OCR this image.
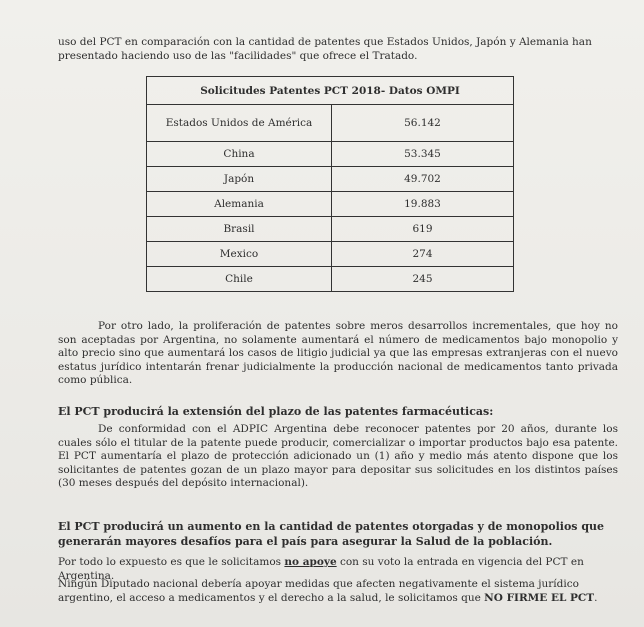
uso del PCT en comparación con la cantidad de patentes que Estados Unidos, Japón y Alemania han
presentado haciendo uso de las "facilidades" que ofrece el Tratado.
Solicitudes Patentes PCT 2018- Datos OMPI	
Estados Unidos de América	56.142
China	53.345
Japón	49.702
Alemania	19.883
Brasil	619
Mexico	274
Chile	245
Por otro lado, la proliferación de patentes sobre meros desarrollos incrementales, que hoy no son aceptadas por Argentina, no solamente aumentará el número de medicamentos bajo monopolio y alto precio sino que aumentará los casos de litigio judicial ya que las empresas extranjeras con el nuevo estatus jurídico intentarán frenar judicialmente la producción nacional de medicamentos tanto privada como pública.
El PCT producirá la extensión del plazo de las patentes farmacéuticas:
De conformidad con el ADPIC Argentina debe reconocer patentes por 20 años, durante los cuales sólo el titular de la patente puede producir, comercializar o importar productos bajo esa patente. El PCT aumentaría el plazo de protección adicionado un (1) año y medio más atento dispone que los solicitantes de patentes gozan de un plazo mayor para depositar sus solicitudes en los distintos países (30 meses después del depósito internacional).
El PCT producirá un aumento en la cantidad de patentes otorgadas y de monopolios que generarán mayores desafíos para el país para asegurar la Salud de la población.
Por todo lo expuesto es que le solicitamos no apoye con su voto la entrada en vigencia del PCT en Argentina.
Ningún Diputado nacional debería apoyar medidas que afecten negativamente el sistema jurídico argentino, el acceso a medicamentos y el derecho a la salud, le solicitamos que NO FIRME EL PCT.
